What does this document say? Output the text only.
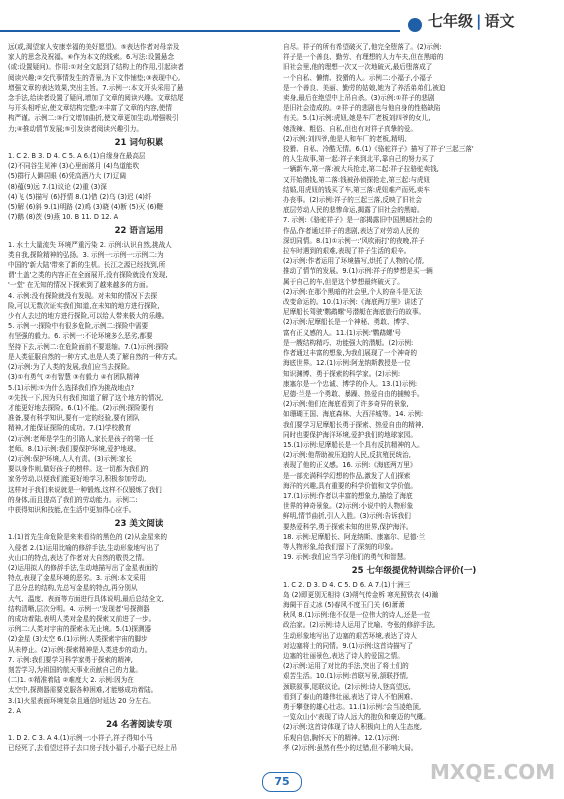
七年级 | 语文

远(或,渴望家人安康幸福的美好愿望)。⑤表达作者对母亲及

家人的思念及祝福。⑥作为本文的线索。6.写法:设置悬念

(或:设置疑问)。作用:①对全文起到了结构上的作用,引起读者

阅读兴趣;②交代事情发生的背景,为下文作铺垫;③表现中心,

增强文章的表达效果,突出主旨。7.示例一:本文开头采用了悬

念手法,给读者设置了疑问,增加了文章的阅读兴趣。文章结尾

与开头相呼应,使文章结构完整;②丰富了文章的内容,使情

构严谨。示例二:③行文增加曲折,使文章更加生动,增强吸引

力;④推动情节发展;⑤引发读者阅读兴趣引力。

21 词句积累

1. C 2. B 3. D 4. C 5. A 6.(1)自缘身在最高层

(2)不同谷生见神 (3)心里面落月 (4)鸟道能吹

(5)群行人僻居眼 (6)凭高酒乃大 (7)辽阔

(8)蕴(9)远 7.(1)议论 (2)重 (3)深

(4)飞 (5)描写 (6)抒情 8.(1)借 (2)乌 (3)迟 (4)纤

(5)解 (6)斜 9.(1)明路 (2)鸡 (3)晓 (4)断 (5)灭 (6)鞭

(7)鹅 (8)茨 (9)燕 10. B 11. D 12. A

22 语言运用

1. 水土大量流失 环境严重污染 2. 示例:认识自然,挑战人

类自我,探险精神的弘扬。3. 示例一:示例一:示例二:为

中国的'新大陆'带来了新的生机。长江之源已经找到,所

谓'土盖'之类的内容正在全面展开,没有探险就没有发现,

'一堂' 在无知的情况下探索到了越来越多的方面。

4. 示例:没有探险就没有发现。对未知的情况下去探

险,可以无数次证实我们知道,在未知的地方进行探险,

少有人去过的地方进行探险,可以给人带来极大的乐趣。

5. 示例一:探险中有很多危险,示例二:探险中需要

有坚强的毅力。6. 示例一:不论环境多么恶劣,都要

坚持下去,示例二:在危险面前不要退缩。7.(1)示例:探险

是人类征服自然的一种方式,也是人类了解自然的一种方式。

(2)示例:为了人类的发展,我们应当去探险。

(3)①有勇气 ②有智慧 ③有毅力 ④有团队精神

5.(1)示例:①为什么选择我们作为挑战地点?

②先找一下,因为只有我们知道了解了这个地方的情况,

才能更好地去探险。6.(1)不能。(2)示例:探险要有

准备,要有科学知识,要有一定的经验,要有团队

精神,才能保证探险的成功。7.(1)学校教育

(2)示例:老师是学生的引路人,家长是孩子的第一任

老师。8.(1)示例:我们要保护环境,爱护地球。

(2)示例:保护环境,人人有责。(3)示例:家长

要以身作则,做好孩子的榜样。这一切都为我们的

家务劳动,以便我们能更好地学习,积极参加劳动,

这样对于我们来说就是一种锻炼,这样不仅锻炼了我们

的身体,而且提高了我们的劳动能力。示例二:

中获得知识和技能,在生活中更加得心应手。

23 美文阅读

1.(1)首先生命危险是来来看待的黑色的 (2)从金星来的

入侵者 2.(1)运用比喻的修辞手法,生动形象地写出了

火山口的特点,表达了作者对大自然的敬畏之情。

(2)运用拟人的修辞手法,生动地描写出了金星表面的

特点,表现了金星环境的恶劣。3. 示例:本文采用

了总分总的结构,先总写金星的特点,再分别从

大气、温度、表面等方面进行具体说明,最后总结全文,

结构清晰,层次分明。4. 示例一:'发现者'号探测器

的成功着陆,表明人类对金星的探索又前进了一步。

示例二:人类对宇宙的探索永无止境。5.(1)探测器

(2)金星 (3)太空 6.(1)示例:人类探索宇宙的脚步

从未停止。(2)示例:探索精神是人类进步的动力。

7. 示例:我们要学习科学家勇于探索的精神,

刻苦学习,为祖国的航天事业贡献自己的力量。

(二)1. ①精准着陆 ②难度大 2. 示例:因为在

太空中,探测器需要克服各种困难,才能够成功着陆。

3.(1)火星表面环境复杂且通信时延达 20 分左右。

2. A

24 名著阅读专项

1. D 2. C 3. A 4.(1)示例一:小祥子,祥子得知小马

已经死了,去看望过祥子去口房子找小福子,小福子已经上吊

自尽。祥子的所有希望破灭了,他完全堕落了。(2)示例:

祥子是一个善良、勤劳、有理想的人力车夫,但在黑暗的

旧社会里,他的理想一次又一次地破灭,最后堕落成了

一个自私、懒惰、狡猾的人。示例二:小福子,小福子

是一个善良、美丽、勤劳的姑娘,她为了养活弟弟们,被迫

卖身,最后在绝望中上吊自杀。(3)示例:①祥子的悲剧

是旧社会造成的。②祥子的悲剧也与他自身的性格缺陷

有关。5.(1)示例:虎妞,她是车厂老板刘四爷的女儿,

她泼辣、粗俗、自私,但也有对祥子真挚的爱。

(2)示例:刘四爷,他是人和车厂的老板,精明、

狡猾、自私、冷酷无情。6.(1)《骆驼祥子》描写了祥子'三起三落'

的人生故事,第一起:祥子来到北平,靠自己的努力买了

一辆新车,第一落:被大兵抢走,第二起:祥子拉骆驼卖钱,

又开始攒钱,第二落:钱被孙侦探抢走,第三起:与虎妞

结婚,用虎妞的钱买了车,第三落:虎妞难产而死,卖车

办丧事。(2)示例:祥子的三起三落,反映了旧社会

底层劳动人民的悲惨命运,揭露了旧社会的黑暗。

7. 示例:《骆驼祥子》是一部揭露旧中国黑暗社会的

作品,作者通过祥子的悲剧,表达了对劳动人民的

深切同情。8.(1)①示例一:'风吹雨打'的夜晚,祥子

拉车时遇到的艰难,表现了祥子生活的艰辛。

(2)示例:作者运用了环境描写,烘托了人物的心情,

推动了情节的发展。9.(1)示例:祥子的梦想是买一辆

属于自己的车,但是这个梦想最终破灭了。

(2)示例:在那个黑暗的社会里,个人的奋斗是无法

改变命运的。10.(1)示例:《海底两万里》讲述了

尼摩船长驾驶'鹦鹉螺'号潜艇在海底旅行的故事。

(2)示例:尼摩船长是一个神秘、勇敢、博学、

富有正义感的人。11.(1)示例:'鹦鹉螺'号

是一艘结构精巧、功能强大的潜艇。(2)示例:

作者通过丰富的想象,为我们展现了一个神奇的

海底世界。12.(1)示例:阿龙纳斯教授是一位

知识渊博、勇于探索的科学家。(2)示例:

康塞尔是一个忠诚、博学的仆人。13.(1)示例:

尼德·兰是一个勇敢、暴躁、热爱自由的捕鲸手。

(2)示例:他们在海底看到了许多奇异的景象,

如珊瑚王国、海底森林、大西洋城等。14. 示例:

我们要学习尼摩船长勇于探索、热爱自由的精神,

同时也要保护海洋环境,爱护我们的地球家园。

15.(1)示例:尼摩船长是一个具有反抗精神的人。

(2)示例:他帮助被压迫的人民,反抗殖民统治,

表现了他的正义感。16. 示例:《海底两万里》

是一部充满科学幻想的作品,激发了人们探索

海洋的兴趣,具有重要的科学价值和文学价值。

17.(1)示例:作者以丰富的想象力,描绘了海底

世界的神奇景象。(2)示例:小说中的人物形象

鲜明,情节曲折,引人入胜。(3)示例:告诉我们

要热爱科学,勇于探索未知的世界,保护海洋。

18. 示例:尼摩船长、阿龙纳斯、康塞尔、尼德·兰

等人物形象,给我们留下了深刻的印象。

19. 示例:我们应当学习他们的勇气和智慧。

25 七年级提优特训综合评价(一)

1. C 2. D 3. D 4. C 5. D 6. A 7.(1)十洲三

岛 (2)即更别无相待 (3)朔气传金柝 寒光照铁衣 (4)瀚

海阑干百丈冰 (5)春风不度玉门关 (6)萧萧

秋风 8.(1)示例:他不仅是一位伟大的诗人,还是一位

政治家。(2)示例:诗人运用了比喻、夸张的修辞手法,

生动形象地写出了边塞的艰苦环境,表达了诗人

对边塞将士的同情。9.(1)示例:这首诗描写了

边塞的壮丽景色,表达了诗人的爱国之情。

(2)示例:运用了对比的手法,突出了将士们的

艰苦生活。10.(1)示例:首联写景,颔联抒情,

颈联叙事,尾联议论。(2)示例:诗人登高望远,

看到了泰山的雄伟壮丽,表达了诗人不怕困难、

勇于攀登的雄心壮志。11.(1)示例:'会当凌绝顶,

一览众山小'表现了诗人远大的抱负和豪迈的气概。

(2)示例:这首诗体现了诗人积极向上的人生态度,

乐观自信,胸怀天下的精神。12.(1)示例:

孝 (2)示例:虽然有些小的过错,但不影响大局。

75	MXQE.COM
